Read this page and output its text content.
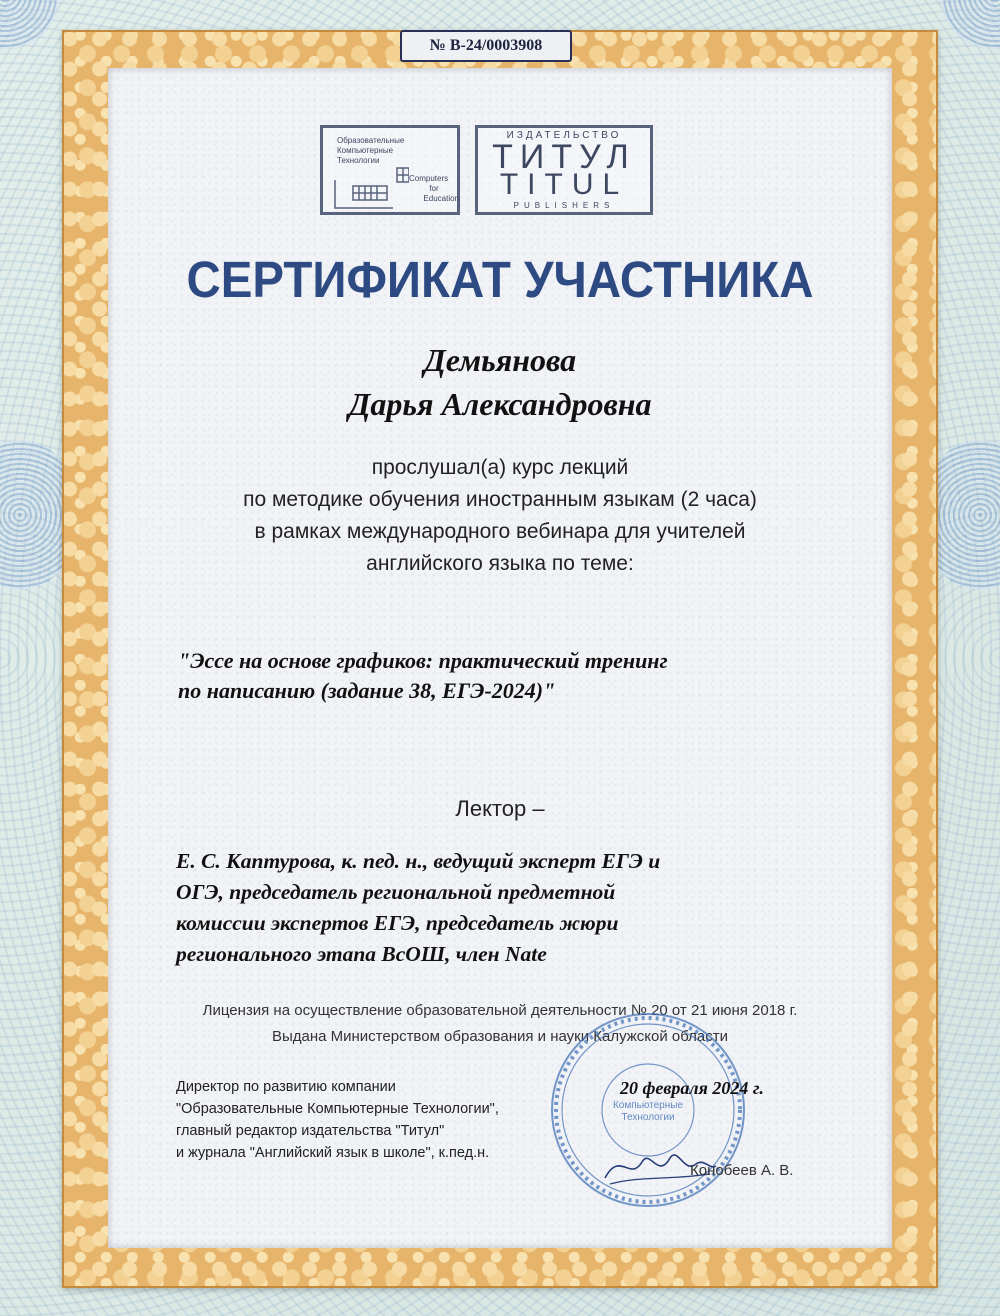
№ В-24/0003908
Образовательные
Компьютерные
Технологии
Computers
for
Education
ИЗДАТЕЛЬСТВО
ТИТУЛ
TITUL
PUBLISHERS
СЕРТИФИКАТ УЧАСТНИКА
Демьянова
Дарья Александровна
прослушал(а) курс лекций
по методике обучения иностранным языкам (2 часа)
в рамках международного вебинара для учителей
английского языка по теме:
"Эссе на основе графиков: практический тренинг
по написанию (задание 38, ЕГЭ-2024)"
Лектор –
Е. С. Каптурова, к. пед. н., ведущий эксперт ЕГЭ и
ОГЭ, председатель региональной предметной
комиссии экспертов ЕГЭ, председатель жюри
регионального этапа ВсОШ, член Nate
Лицензия на осуществление образовательной деятельности № 20 от 21 июня 2018 г.
Выдана Министерством образования и науки Калужской области
Компьютерные
Технологии
Директор по развитию компании
"Образовательные Компьютерные Технологии",
главный редактор издательства "Титул"
и журнала "Английский язык в школе", к.пед.н.
20 февраля 2024 г.
Конобеев А. В.
